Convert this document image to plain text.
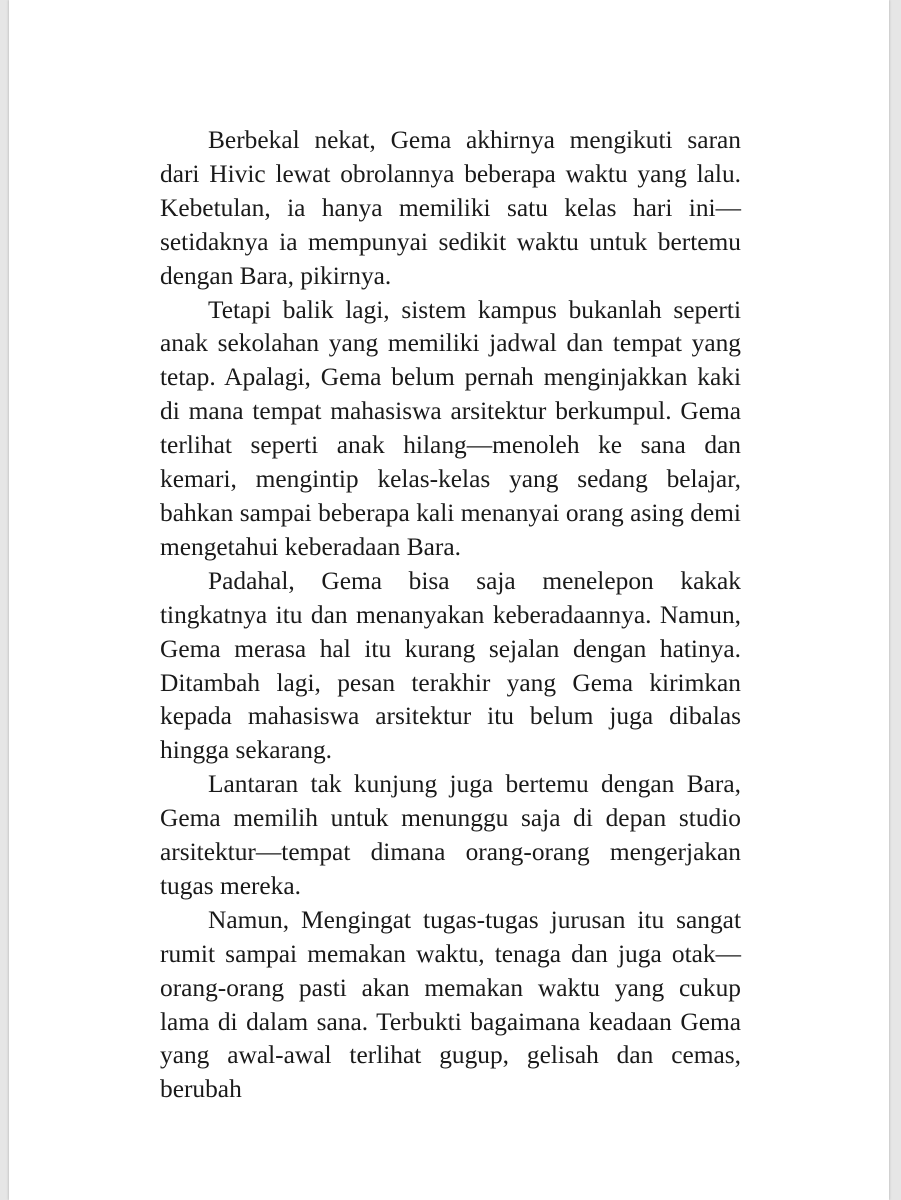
Berbekal nekat, Gema akhirnya mengikuti saran dari Hivic lewat obrolannya beberapa waktu yang lalu. Kebetulan, ia hanya memiliki satu kelas hari ini— setidaknya ia mempunyai sedikit waktu untuk bertemu dengan Bara, pikirnya.

Tetapi balik lagi, sistem kampus bukanlah seperti anak sekolahan yang memiliki jadwal dan tempat yang tetap. Apalagi, Gema belum pernah menginjakkan kaki di mana tempat mahasiswa arsitektur berkumpul. Gema terlihat seperti anak hilang—menoleh ke sana dan kemari, mengintip kelas-kelas yang sedang belajar, bahkan sampai beberapa kali menanyai orang asing demi mengetahui keberadaan Bara.

Padahal, Gema bisa saja menelepon kakak tingkatnya itu dan menanyakan keberadaannya. Namun, Gema merasa hal itu kurang sejalan dengan hatinya. Ditambah lagi, pesan terakhir yang Gema kirimkan kepada mahasiswa arsitektur itu belum juga dibalas hingga sekarang.

Lantaran tak kunjung juga bertemu dengan Bara, Gema memilih untuk menunggu saja di depan studio arsitektur—tempat dimana orang-orang mengerjakan tugas mereka.

Namun, Mengingat tugas-tugas jurusan itu sangat rumit sampai memakan waktu, tenaga dan juga otak— orang-orang pasti akan memakan waktu yang cukup lama di dalam sana. Terbukti bagaimana keadaan Gema yang awal-awal terlihat gugup, gelisah dan cemas, berubah
